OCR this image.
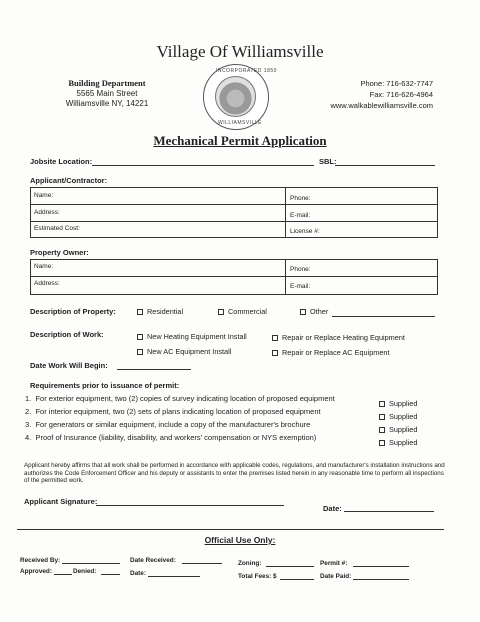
Village Of Williamsville
Building Department
5565 Main Street
Williamsville NY, 14221
INCORPORATED 1850
WILLIAMSVILLE
Phone: 716-632-7747
Fax: 716-626-4964
www.walkablewilliamsville.com
Mechanical Permit Application
Jobsite Location:	SBL:
Applicant/Contractor:
Name:	Phone:
Address:	E-mail:
Estimated Cost:	License #:
Property Owner:
Name:	Phone:
Address:	E-mail:
Description of Property:	Residential	Commercial	Other
Description of Work:	New Heating Equipment Install	Repair or Replace Heating Equipment
New AC Equipment Install	Repair or Replace AC Equipment
Date Work Will Begin:
Requirements prior to issuance of permit:
1. For exterior equipment, two (2) copies of survey indicating location of proposed equipment
Supplied
2. For interior equipment, two (2) sets of plans indicating location of proposed equipment
Supplied
3. For generators or similar equipment, include a copy of the manufacturer's brochure
Supplied
4. Proof of Insurance (liability, disability, and workers' compensation or NYS exemption)
Supplied
Applicant hereby affirms that all work shall be performed in accordance with applicable codes, regulations, and manufacturer's installation instructions and authorizes the Code Enforcement Officer and his deputy or assistants to enter the premises listed herein in any reasonable time to perform all inspections of the permitted work.
Applicant Signature:
Date:
Official Use Only:
Received By:	Date Received:	Zoning:	Permit #:
Approved:	Denied:	Date:	Total Fees: $	Date Paid:
